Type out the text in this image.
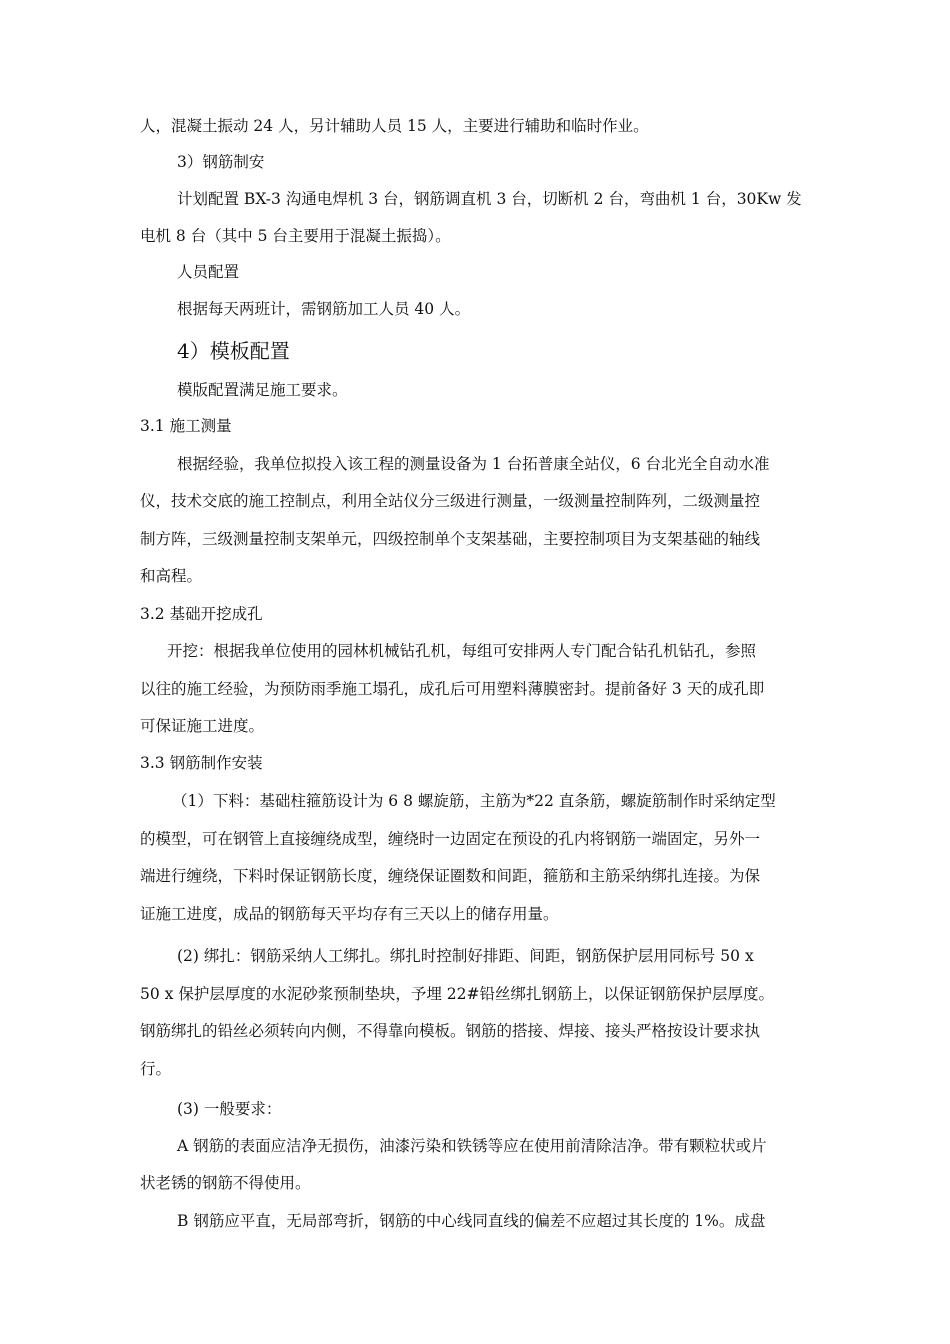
人，混凝土振动 24 人，另计辅助人员 15 人，主要进行辅助和临时作业。

3）钢筋制安

计划配置 BX-3 沟通电焊机 3 台，钢筋调直机 3 台，切断机 2 台，弯曲机 1 台，30Kw 发

电机 8 台（其中 5 台主要用于混凝土振捣）。

人员配置

根据每天两班计，需钢筋加工人员 40 人。

4）模板配置

模版配置满足施工要求。

3.1 施工测量

根据经验，我单位拟投入该工程的测量设备为 1 台拓普康全站仪，6 台北光全自动水准

仪，技术交底的施工控制点，利用全站仪分三级进行测量，一级测量控制阵列，二级测量控

制方阵，三级测量控制支架单元，四级控制单个支架基础，主要控制项目为支架基础的轴线

和高程。

3.2 基础开挖成孔

开挖：根据我单位使用的园林机械钻孔机，每组可安排两人专门配合钻孔机钻孔，参照

以往的施工经验，为预防雨季施工塌孔，成孔后可用塑料薄膜密封。提前备好 3 天的成孔即

可保证施工进度。

3.3 钢筋制作安装

（1）下料：基础柱箍筋设计为 6 8 螺旋筋，主筋为*22 直条筋，螺旋筋制作时采纳定型

的模型，可在钢管上直接缠绕成型，缠绕时一边固定在预设的孔内将钢筋一端固定，另外一

端进行缠绕，下料时保证钢筋长度，缠绕保证圈数和间距，箍筋和主筋采纳绑扎连接。为保

证施工进度，成品的钢筋每天平均存有三天以上的储存用量。

(2) 绑扎：钢筋采纳人工绑扎。绑扎时控制好排距、间距，钢筋保护层用同标号 50 x

50 x 保护层厚度的水泥砂浆预制垫块，予埋 22#铅丝绑扎钢筋上，以保证钢筋保护层厚度。

钢筋绑扎的铅丝必须转向内侧，不得靠向模板。钢筋的搭接、焊接、接头严格按设计要求执

行。

(3) 一般要求：

A 钢筋的表面应洁净无损伤，油漆污染和铁锈等应在使用前清除洁净。带有颗粒状或片

状老锈的钢筋不得使用。

B 钢筋应平直，无局部弯折，钢筋的中心线同直线的偏差不应超过其长度的 1%。成盘
